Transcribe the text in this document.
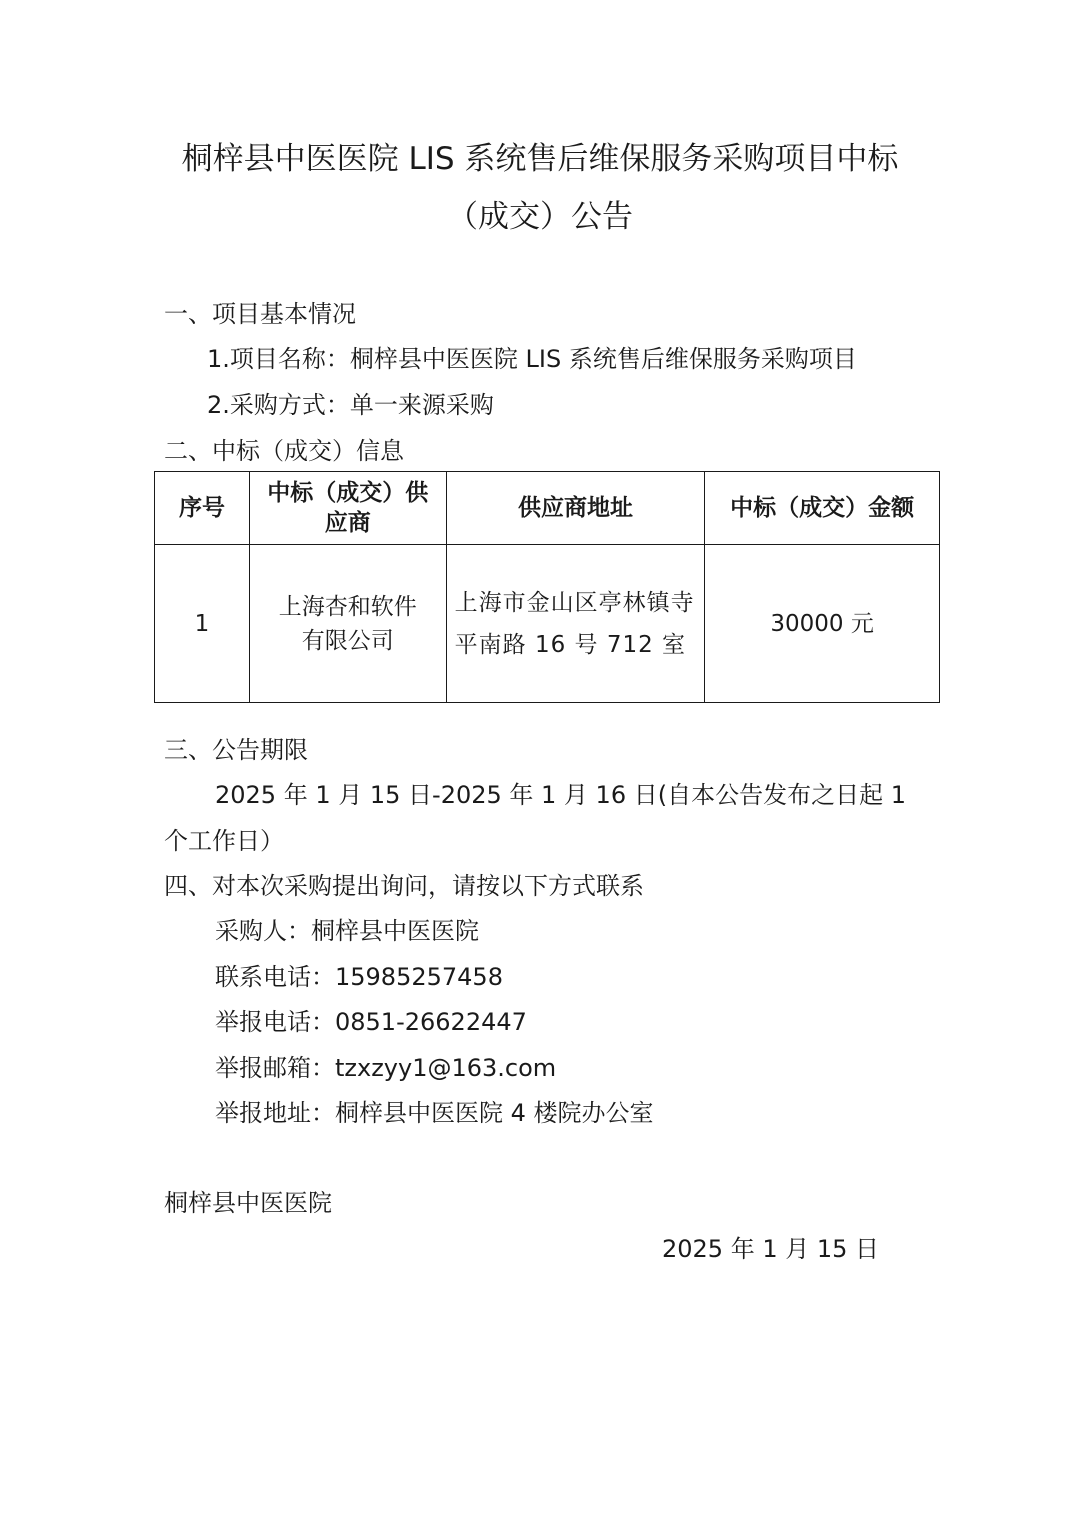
桐梓县中医医院 LIS 系统售后维保服务采购项目中标
（成交）公告
一、项目基本情况
1.项目名称：桐梓县中医医院 LIS 系统售后维保服务采购项目
2.采购方式：单一来源采购
二、中标（成交）信息
序号	中标（成交）供应商	供应商地址	中标（成交）金额
1	上海杏和软件有限公司	上海市金山区亭林镇寺平南路 16 号 712 室	30000 元
三、公告期限
2025 年 1 月 15 日-2025 年 1 月 16 日(自本公告发布之日起 1
个工作日）
四、对本次采购提出询问，请按以下方式联系
采购人：桐梓县中医医院
联系电话：15985257458
举报电话：0851-26622447
举报邮箱：tzxzyy1@163.com
举报地址：桐梓县中医医院 4 楼院办公室
桐梓县中医医院
2025 年 1 月 15 日
